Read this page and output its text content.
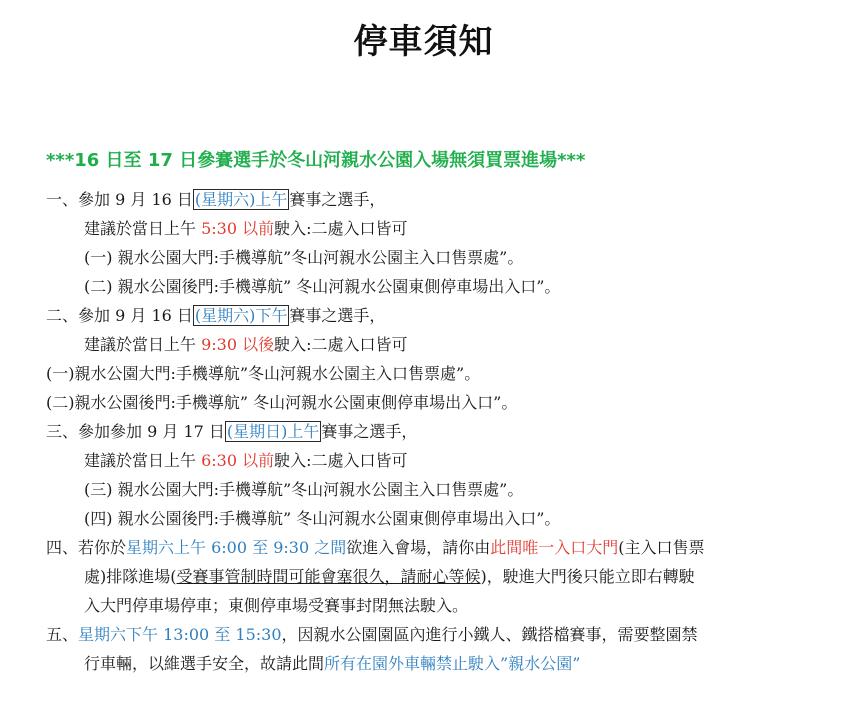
停車須知
***16 日至 17 日參賽選手於冬山河親水公園入場無須買票進場***
一、參加 9 月 16 日 (星期六)上午 賽事之選手，
建議於當日上午 5:30 以前駛入:二處入口皆可
(一) 親水公園大門:手機導航”冬山河親水公園主入口售票處”。
(二) 親水公園後門:手機導航” 冬山河親水公園東側停車場出入口”。
二、參加 9 月 16 日 (星期六)下午 賽事之選手，
建議於當日上午 9:30 以後駛入:二處入口皆可
(一)親水公園大門:手機導航”冬山河親水公園主入口售票處”。
(二)親水公園後門:手機導航” 冬山河親水公園東側停車場出入口”。
三、參加參加 9 月 17 日 (星期日)上午 賽事之選手，
建議於當日上午 6:30 以前駛入:二處入口皆可
(三) 親水公園大門:手機導航”冬山河親水公園主入口售票處”。
(四) 親水公園後門:手機導航” 冬山河親水公園東側停車場出入口”。
四、若你於星期六上午 6:00 至 9:30 之間欲進入會場，請你由此間唯一入口大門(主入口售票
處)排隊進場(受賽事管制時間可能會塞很久，請耐心等候)，駛進大門後只能立即右轉駛
入大門停車場停車；東側停車場受賽事封閉無法駛入。
五、星期六下午 13:00 至 15:30，因親水公園園區內進行小鐵人、鐵搭檔賽事，需要整園禁
行車輛，以維選手安全，故請此間所有在園外車輛禁止駛入”親水公園”
